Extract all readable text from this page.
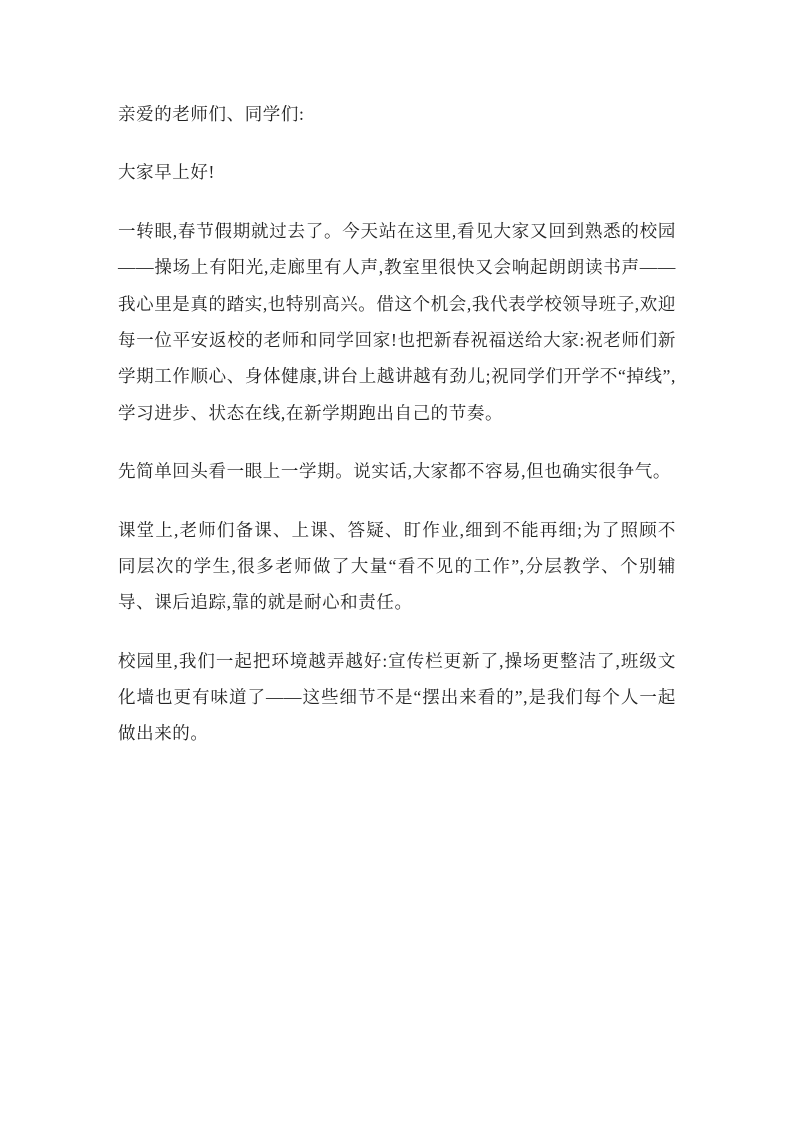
亲爱的老师们、同学们:

大家早上好!

一转眼,春节假期就过去了。今天站在这里,看见大家又回到熟悉的校园——操场上有阳光,走廊里有人声,教室里很快又会响起朗朗读书声——我心里是真的踏实,也特别高兴。借这个机会,我代表学校领导班子,欢迎每一位平安返校的老师和同学回家!也把新春祝福送给大家:祝老师们新学期工作顺心、身体健康,讲台上越讲越有劲儿;祝同学们开学不“掉线”,学习进步、状态在线,在新学期跑出自己的节奏。

先简单回头看一眼上一学期。说实话,大家都不容易,但也确实很争气。

课堂上,老师们备课、上课、答疑、盯作业,细到不能再细;为了照顾不同层次的学生,很多老师做了大量“看不见的工作”,分层教学、个别辅导、课后追踪,靠的就是耐心和责任。

校园里,我们一起把环境越弄越好:宣传栏更新了,操场更整洁了,班级文化墙也更有味道了——这些细节不是“摆出来看的”,是我们每个人一起做出来的。
